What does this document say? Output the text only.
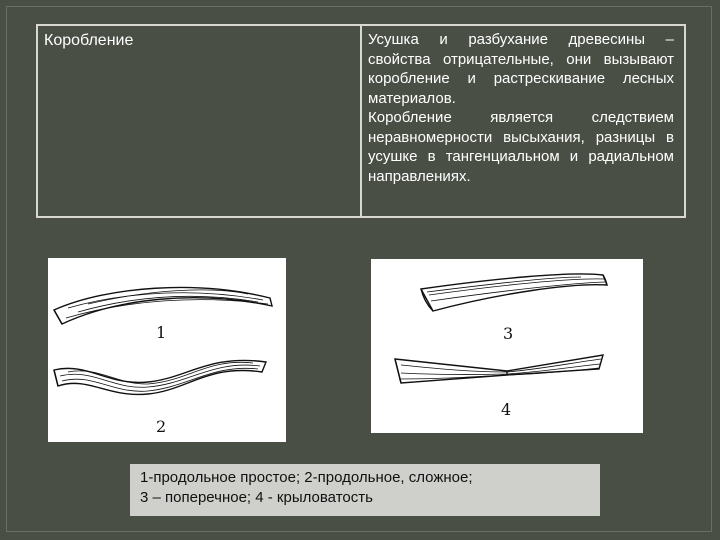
Коробление	Усушка и разбухание древесины – свойства отрицательные, они вызывают коробление и растрескивание лесных материалов.

Коробление является следствием неравномерности высыхания, разницы в усушке в тангенциальном и радиальном направлениях.

1
2
3
4
1-продольное простое; 2-продольное, сложное;
3 – поперечное; 4 - крыловатость
